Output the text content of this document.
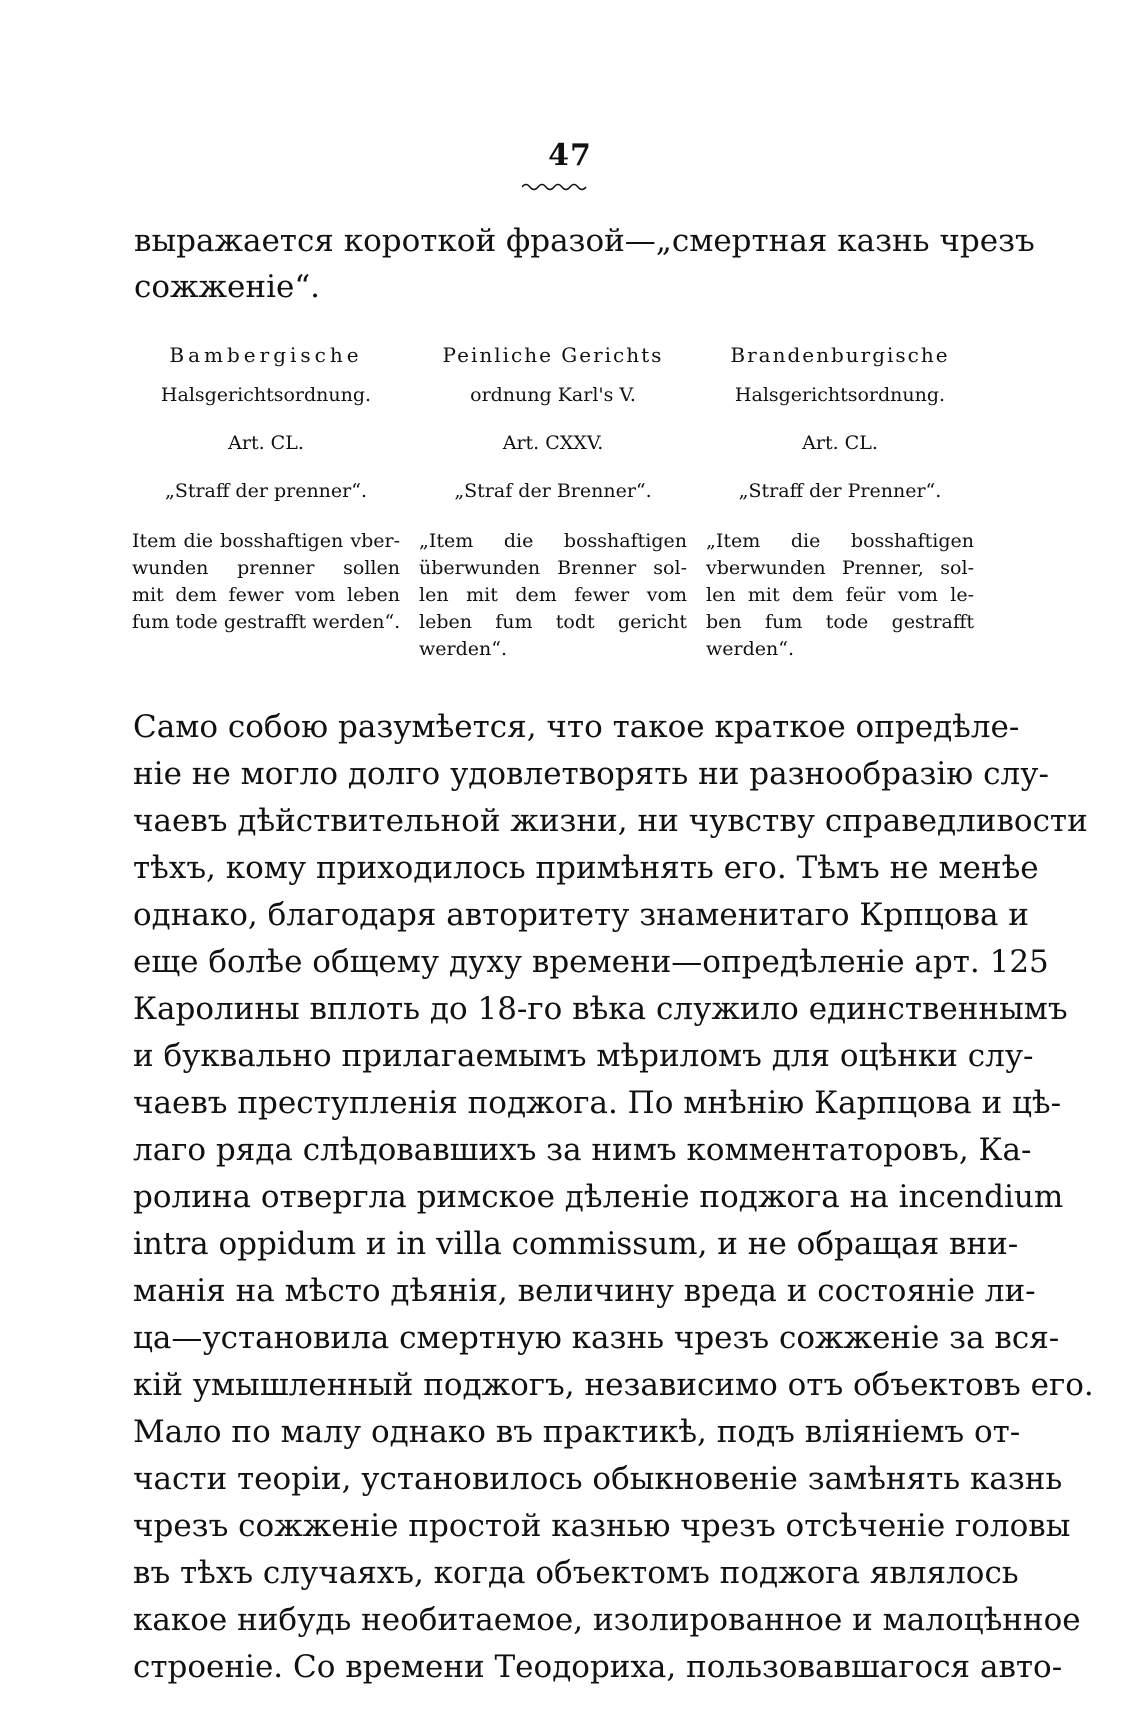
47
выражается короткой фразой—„смертная казнь чрезъ
сожженіе“.
Bambergische
Halsgerichtsordnung.
Art. CL.
„Straff der prenner“.
Item die bosshaftigen vber-
wunden prenner sollen
mit dem fewer vom leben
fum tode gestrafft werden“.
Peinliche Gerichts
ordnung Karl's V.
Art. CXXV.
„Straf der Brenner“.
„Item die bosshaftigen
überwunden Brenner sol-
len mit dem fewer vom
leben fum todt gericht
werden“.
Brandenburgische
Halsgerichtsordnung.
Art. CL.
„Straff der Prenner“.
„Item die bosshaftigen
vberwunden Prenner, sol-
len mit dem feür vom le-
ben fum tode gestrafft
werden“.
Само собою разумѣется, что такое краткое опредѣле-
ніе не могло долго удовлетворять ни разнообразію слу-
чаевъ дѣйствительной жизни, ни чувству справедливости
тѣхъ, кому приходилось примѣнять его. Тѣмъ не менѣе
однако, благодаря авторитету знаменитаго Крпцова и
еще болѣе общему духу времени—опредѣленіе арт. 125
Каролины вплоть до 18-го вѣка служило единственнымъ
и буквально прилагаемымъ мѣриломъ для оцѣнки слу-
чаевъ преступленія поджога. По мнѣнію Карпцова и цѣ-
лаго ряда слѣдовавшихъ за нимъ комментаторовъ, Ка-
ролина отвергла римское дѣленіе поджога на incendium
intra oppidum и in villa commissum, и не обращая вни-
манія на мѣсто дѣянія, величину вреда и состояніе ли-
ца—установила смертную казнь чрезъ сожженіе за вся-
кій умышленный поджогъ, независимо отъ объектовъ его.
Мало по малу однако въ практикѣ, подъ вліяніемъ от-
части теоріи, установилось обыкновеніе замѣнять казнь
чрезъ сожженіе простой казнью чрезъ отсѣченіе головы
въ тѣхъ случаяхъ, когда объектомъ поджога являлось
какое нибудь необитаемое, изолированное и малоцѣнное
строеніе. Со времени Теодориха, пользовавшагося авто-
